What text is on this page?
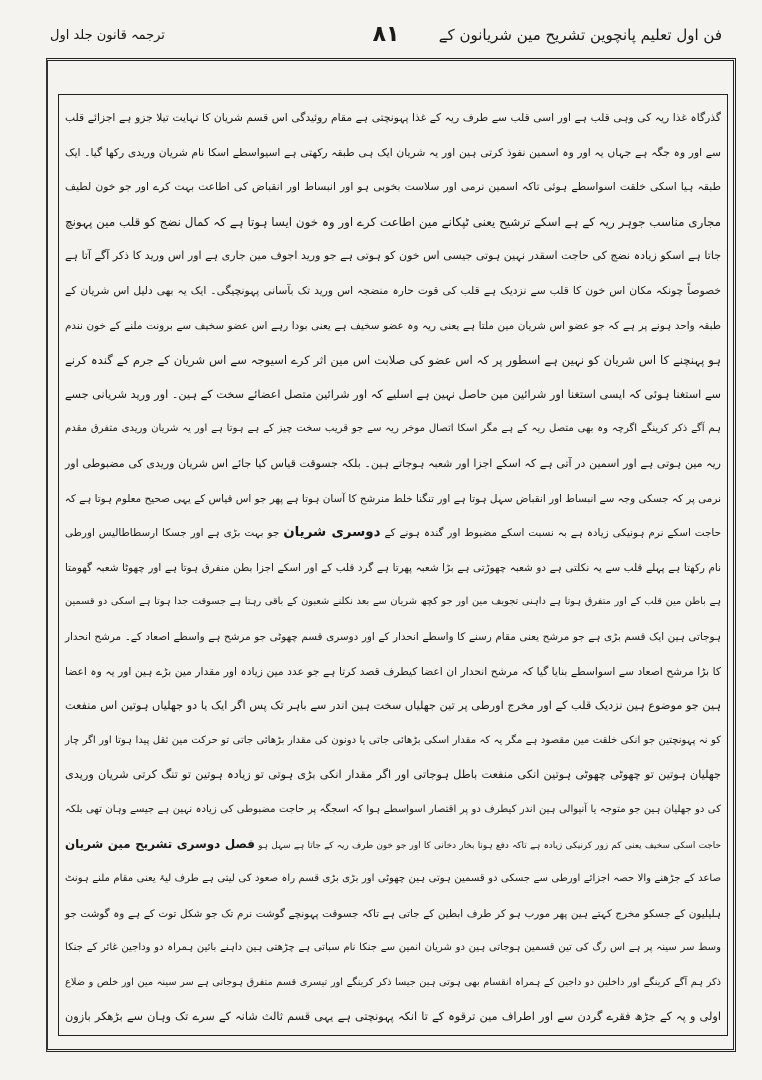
فن اول تعلیم پانچوین تشریح مین شریانون کے
۸۱
ترجمہ قانون جلد اول
گذرگاہ غذا ریہ کی وہی قلب ہے اور اسی قلب سے طرف ریہ کے غذا پہونچتی ہے مقام روئیدگی اس قسم شریان کا نہایت تیلا جزو ہے اجزائے قلب
سے اور وہ جگہ ہے جہاں یہ اور وہ اسمین نفوذ کرتی ہین اور یہ شریان ایک ہی طبقہ رکھتی ہے اسیواسطے اسکا نام شریان وریدی رکھا گیا۔ ایک
طبقہ ہیا اسکی خلقت اسواسطے ہوئی تاکہ اسمین نرمی اور سلاست بخوبی ہو اور انبساط اور انقباض کی اطاعت بہت کرے اور جو خون لطیف
مجاری مناسب جوہر ریہ کے ہے اسکے ترشیح یعنی ٹپکانے مین اطاعت کرے اور وہ خون ایسا ہوتا ہے کہ کمال نضج کو قلب مین پہونچ
جاتا ہے اسکو زیادہ نضج کی حاجت اسقدر نہین ہوتی جیسی اس خون کو ہوتی ہے جو ورید اجوف مین جاری ہے اور اس ورید کا ذکر آگے آتا ہے
خصوصاً چونکہ مکان اس خون کا قلب سے نزدیک ہے قلب کی قوت حارہ منضجہ اس ورید تک بآسانی پہونچیگی۔ ایک یہ بھی دلیل اس شریان کے
طبقہ واحد ہونے پر ہے کہ جو عضو اس شریان مین ملتا ہے یعنی ریہ وہ عضو سخیف ہے یعنی بودا رہے اس عضو سخیف سے برونت ملنے کے خون نندم
ہو پہنچنے کا اس شریان کو نہین ہے اسطور پر کہ اس عضو کی صلابت اس مین اثر کرے اسیوجہ سے اس شریان کے جرم کے گندہ کرنے
سے استغنا ہوئی کہ ایسی استغنا اور شرائین مین حاصل نہین ہے اسلیے کہ اور شرائین متصل اعضائے سخت کے ہین۔ اور ورید شریانی جسے
ہم آگے ذکر کرینگے اگرچہ وہ بھی متصل ریہ کے ہے مگر اسکا اتصال موخر ریہ سے جو قریب سخت چیز کے ہے ہوتا ہے اور یہ شریان وریدی متفرق مقدم
ریہ مین ہوتی ہے اور اسمین در آتی ہے کہ اسکے اجزا اور شعبہ ہوجاتے ہین۔ بلکہ جسوقت قیاس کیا جائے اس شریان وریدی کی مضبوطی اور
نرمی پر کہ جسکی وجہ سے انبساط اور انقباض سہل ہوتا ہے اور تنگنا خلط منرشح کا آسان ہوتا ہے پھر جو اس قیاس کے یہی صحیح معلوم ہوتا ہے کہ
حاجت اسکے نرم ہونیکی زیادہ ہے بہ نسبت اسکے مضبوط اور گندہ ہونے کے دوسری شریان جو بہت بڑی ہے اور جسکا ارسطاطالیس اورطی
نام رکھتا ہے پہلے قلب سے یہ نکلتی ہے دو شعبہ چھوڑتی ہے بڑا شعبہ پھرتا ہے گرد قلب کے اور اسکے اجزا بطن منفرق ہوتا ہے اور چھوٹا شعبہ گھومتا
ہے باطن مین قلب کے اور متفرق ہوتا ہے داہنی تجویف مین اور جو کچھ شریان سے بعد نکلنے شعبون کے باقی رہتا ہے جسوقت جدا ہوتا ہے اسکی دو قسمین
ہوجاتی ہین ایک قسم بڑی ہے جو مرشح یعنی مقام رسنے کا واسطے انحدار کے اور دوسری قسم چھوٹی جو مرشح ہے واسطے اصعاد کے۔ مرشح انحدار
کا بڑا مرشح اصعاد سے اسواسطے بنایا گیا کہ مرشح انحدار ان اعضا کیطرف قصد کرتا ہے جو عدد مین زیادہ اور مقدار مین بڑے ہین اور یہ وہ اعضا
ہین جو موضوع ہین نزدیک قلب کے اور مخرج اورطی پر تین جھلیاں سخت ہین اندر سے باہر تک پس اگر ایک یا دو جھلیاں ہوتین اس منفعت
کو نہ پہونچتین جو انکی خلقت مین مقصود ہے مگر یہ کہ مقدار اسکی بڑھائی جاتی یا دونون کی مقدار بڑھائی جاتی تو حرکت مین ثقل پیدا ہوتا اور اگر چار
جھلیان ہوتین تو چھوٹی چھوٹی ہوتین انکی منفعت باطل ہوجاتی اور اگر مقدار انکی بڑی ہوتی تو زیادہ ہوتین تو تنگ کرتی شریان وریدی
کی دو جھلیان ہین جو متوجہ یا آنیوالی ہین اندر کیطرف دو پر اقتصار اسواسطے ہوا کہ اسجگہ پر حاجت مضبوطی کی زیادہ نہین ہے جیسے وہان تھی بلکہ
حاجت اسکی سخیف یعنی کم زور کرنیکی زیادہ ہے تاکہ دفع ہونا بخار دخانی کا اور جو خون طرف ریہ کے جاتا ہے سہل ہو فصل دوسری تشریح مین شریان
صاعد کے جڑھنے والا حصہ اجزائے اورطی سے جسکی دو قسمین ہوتی ہین چھوٹی اور بڑی بڑی قسم راہ صعود کی لیتی ہے طرف لیۂ یعنی مقام ملنے ہونٹ
ہلیلیون کے جسکو مخرج کہتے ہین پھر مورب ہو کر طرف ابطین کے جاتی ہے تاکہ جسوقت پہونچے گوشت نرم تک جو شکل توت کے ہے وہ گوشت جو
وسط سر سینہ پر ہے اس رگ کی تین قسمین ہوجاتی ہین دو شریان انمین سے جنکا نام سباتی ہے چڑھتی ہین داہنے بائین ہمراہ دو وداجین غائر کے جنکا
ذکر ہم آگے کرینگے اور داخلین دو داجین کے ہمراہ انقسام بھی ہوتی ہین جیسا ذکر کرینگے اور تیسری قسم متفرق ہوجاتی ہے سر سینہ مین اور خلص و ضلاع
اولی و پہ کے جڑھ فقرے گردن سے اور اطراف مین ترقوہ کے تا انکہ پہونچتی ہے یہی قسم ثالث شانہ کے سرے تک وہان سے بڑھکر بازون
